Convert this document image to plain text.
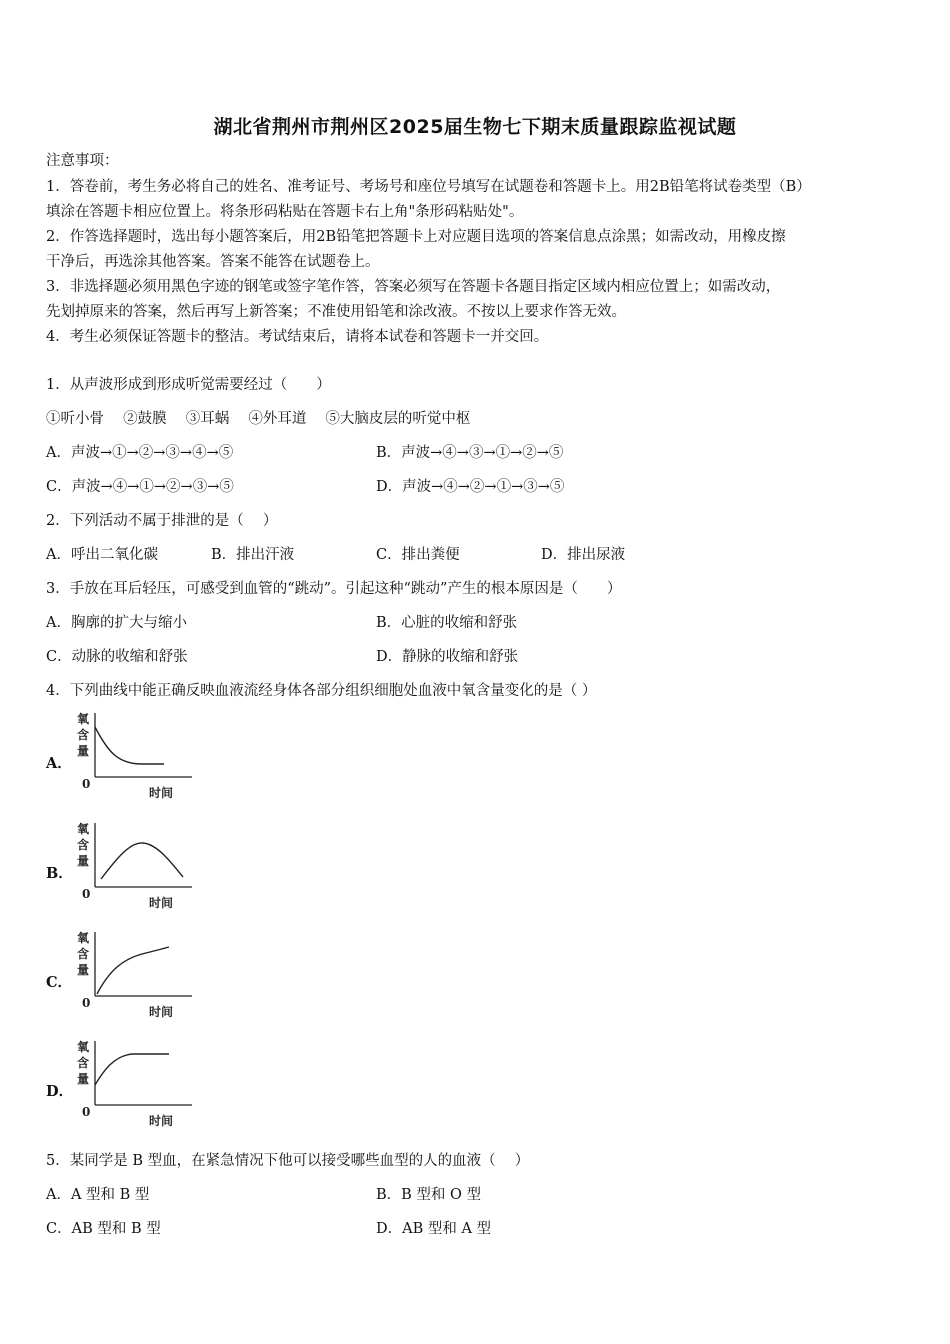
湖北省荆州市荆州区2025届生物七下期末质量跟踪监视试题
注意事项：
1．答卷前，考生务必将自己的姓名、准考证号、考场号和座位号填写在试题卷和答题卡上。用2B铅笔将试卷类型（B）
填涂在答题卡相应位置上。将条形码粘贴在答题卡右上角"条形码粘贴处"。
2．作答选择题时，选出每小题答案后，用2B铅笔把答题卡上对应题目选项的答案信息点涂黑；如需改动，用橡皮擦
干净后，再选涂其他答案。答案不能答在试题卷上。
3．非选择题必须用黑色字迹的钢笔或签字笔作答，答案必须写在答题卡各题目指定区域内相应位置上；如需改动，
先划掉原来的答案，然后再写上新答案；不准使用铅笔和涂改液。不按以上要求作答无效。
4．考生必须保证答题卡的整洁。考试结束后，请将本试卷和答题卡一并交回。
1．从声波形成到形成听觉需要经过（　　）
①听小骨　 ②鼓膜　 ③耳蜗　 ④外耳道　 ⑤大脑皮层的听觉中枢
A．声波→①→②→③→④→⑤	B．声波→④→③→①→②→⑤
C．声波→④→①→②→③→⑤	D．声波→④→②→①→③→⑤
2．下列活动不属于排泄的是（　 ）
A．呼出二氧化碳	B．排出汗液	C．排出粪便	D．排出尿液
3．手放在耳后轻压，可感受到血管的“跳动”。引起这种“跳动”产生的根本原因是（　　）
A．胸廓的扩大与缩小	B．心脏的收缩和舒张
C．动脉的收缩和舒张	D．静脉的收缩和舒张
4．下列曲线中能正确反映血液流经身体各部分组织细胞处血液中氧含量变化的是（ ）
A．
氧
含
量
0
时间
B．
氧
含
量
0
时间
C．
氧
含
量
0
时间
D．
氧
含
量
0
时间
5．某同学是 B 型血，在紧急情况下他可以接受哪些血型的人的血液（　 ）
A．A 型和 B 型	B．B 型和 O 型
C．AB 型和 B 型	D．AB 型和 A 型
